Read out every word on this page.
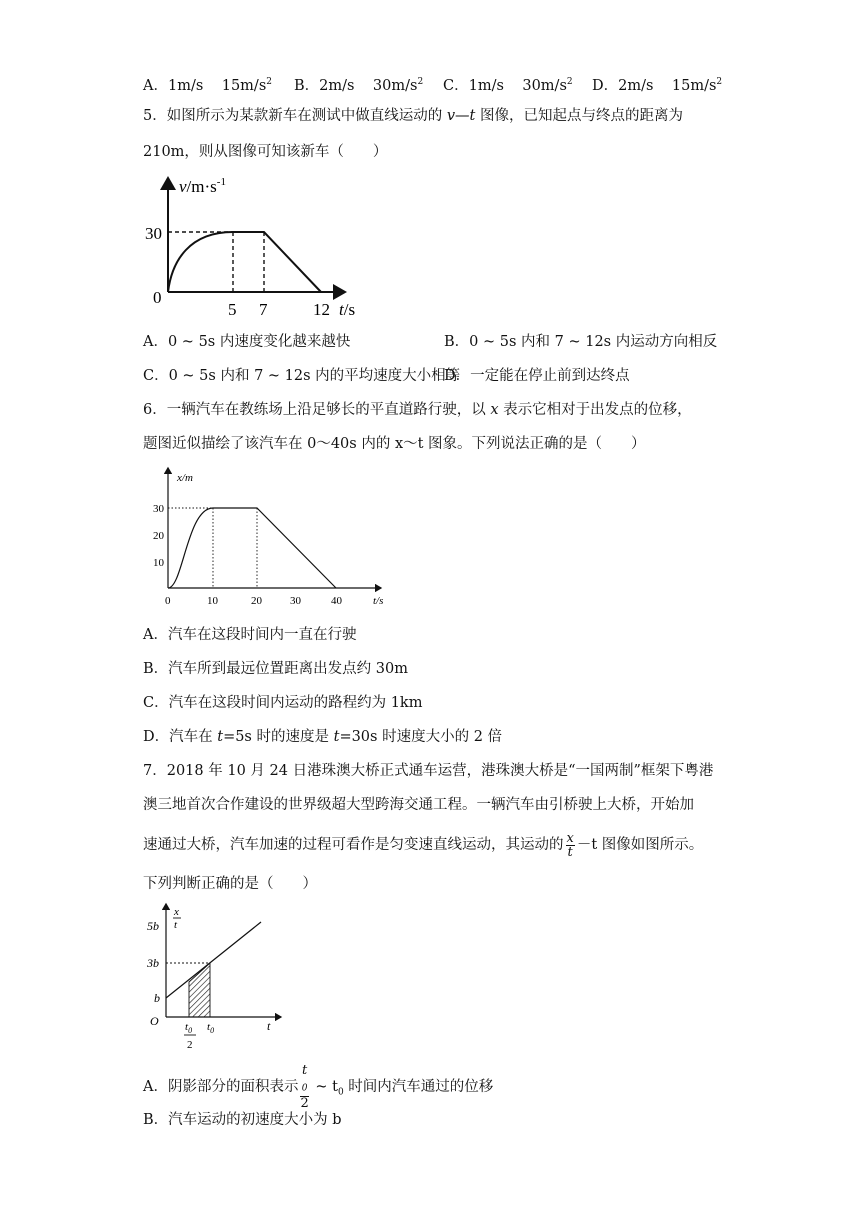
A．1m/s $15m/s^2$ B．2m/s $30m/s^2$ C．1m/s $30m/s^2$ D．2m/s $15m/s^2$
5．如图所示为某款新车在测试中做直线运动的 v—t 图像，已知起点与终点的距离为
210m，则从图像可知该新车（　　）
$v/m\cdot s^{-1}$
30
0
5 7	12 t/s
A．0 ~ 5s 内速度变化越来越快	B．0 ~ 5s 内和 7 ~ 12s 内运动方向相反
C．0 ~ 5s 内和 7 ~ 12s 内的平均速度大小相等
D．一定能在停止前到达终点
6．一辆汽车在教练场上沿足够长的平直道路行驶，以 x 表示它相对于出发点的位移，
题图近似描绘了该汽车在 0～40s 内的 x～t 图象。下列说法正确的是（　　）
x/m
t/s
10
20
30
0	10	20	30	40
A．汽车在这段时间内一直在行驶
B．汽车所到最远位置距离出发点约 30m
C．汽车在这段时间内运动的路程约为 1km
D．汽车在 t=5s 时的速度是 t=30s 时速度大小的 2 倍
7．2018 年 10 月 24 日港珠澳大桥正式通车运营，港珠澳大桥是“一国两制”框架下粤港
澳三地首次合作建设的世界级超大型跨海交通工程。一辆汽车由引桥驶上大桥，开始加
速通过大桥，汽车加速的过程可看作是匀变速直线运动，其运动的 $\frac{x}{t} -t$ 图像如图所示。
下列判断正确的是（　　）
x
t
5b
3b
b
O $t_0$
2
$t_0$	t
A．阴影部分的面积表示 t
$_0$
2 ~ $t_0$ 时间内汽车通过的位移
B．汽车运动的初速度大小为 b
